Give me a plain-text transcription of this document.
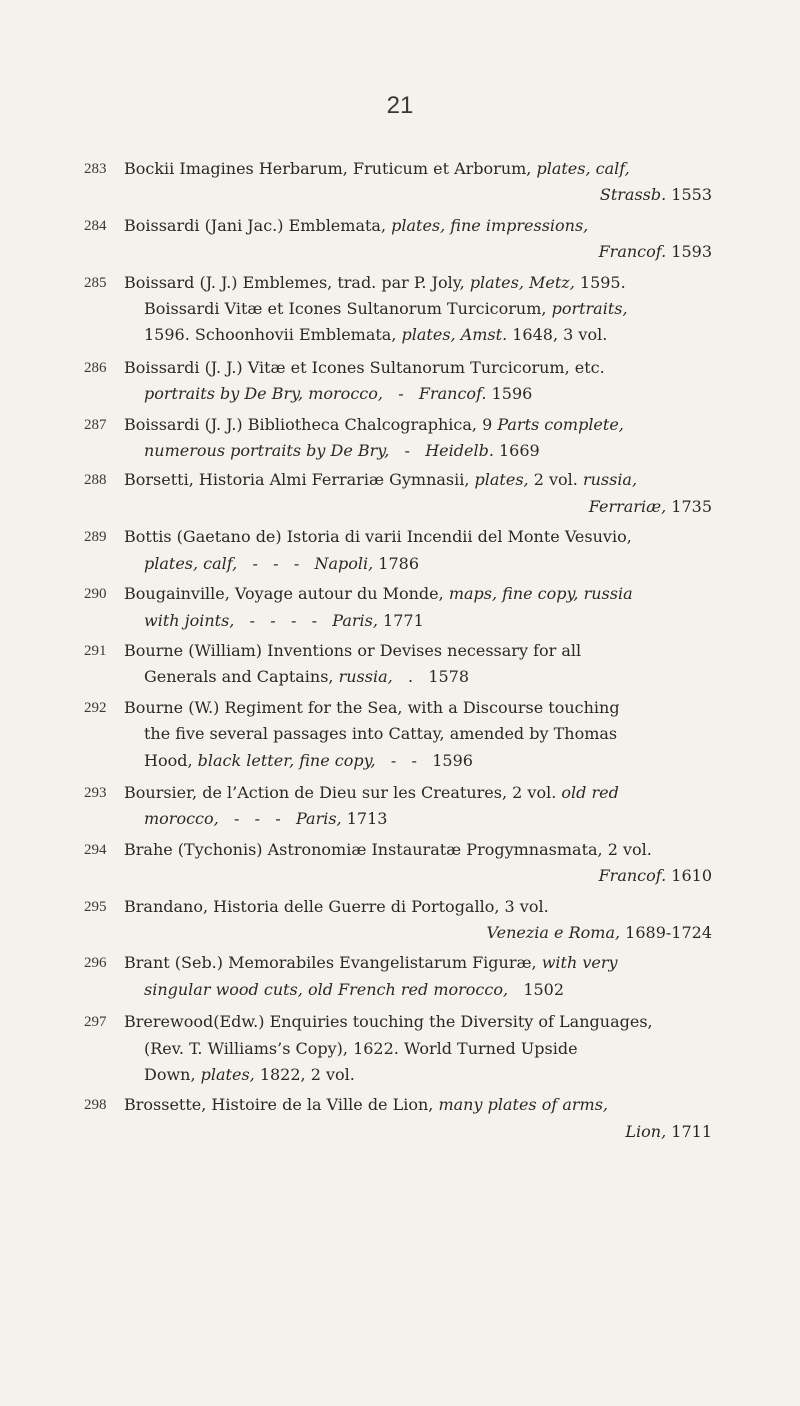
21
283 Bockii Imagines Herbarum, Fruticum et Arborum, plates, calf,
Strassb. 1553
284 Boissardi (Jani Jac.) Emblemata, plates, fine impressions,
Francof. 1593
285 Boissard (J. J.) Emblemes, trad. par P. Joly, plates, Metz, 1595.
Boissardi Vitæ et Icones Sultanorum Turcicorum, portraits,
1596. Schoonhovii Emblemata, plates, Amst. 1648, 3 vol.
286 Boissardi (J. J.) Vitæ et Icones Sultanorum Turcicorum, etc.
portraits by De Bry, morocco,   -   Francof. 1596
287 Boissardi (J. J.) Bibliotheca Chalcographica, 9 Parts complete,
numerous portraits by De Bry,   -   Heidelb. 1669
288 Borsetti, Historia Almi Ferrariæ Gymnasii, plates, 2 vol. russia,
Ferrariæ, 1735
289 Bottis (Gaetano de) Istoria di varii Incendii del Monte Vesuvio,
plates, calf,   -   -   -   Napoli, 1786
290 Bougainville, Voyage autour du Monde, maps, fine copy, russia
with joints,   -   -   -   -   Paris, 1771
291 Bourne (William) Inventions or Devises necessary for all
Generals and Captains, russia,   .   1578
292 Bourne (W.) Regiment for the Sea, with a Discourse touching
the five several passages into Cattay, amended by Thomas
Hood, black letter, fine copy,   -   -   1596
293 Boursier, de l’Action de Dieu sur les Creatures, 2 vol. old red
morocco,   -   -   -   Paris, 1713
294 Brahe (Tychonis) Astronomiæ Instauratæ Progymnasmata, 2 vol.
Francof. 1610
295 Brandano, Historia delle Guerre di Portogallo, 3 vol.
Venezia e Roma, 1689-1724
296 Brant (Seb.) Memorabiles Evangelistarum Figuræ, with very
singular wood cuts, old French red morocco,   1502
297 Brerewood(Edw.) Enquiries touching the Diversity of Languages,
(Rev. T. Williams’s Copy), 1622. World Turned Upside
Down, plates, 1822, 2 vol.
298 Brossette, Histoire de la Ville de Lion, many plates of arms,
Lion, 1711
